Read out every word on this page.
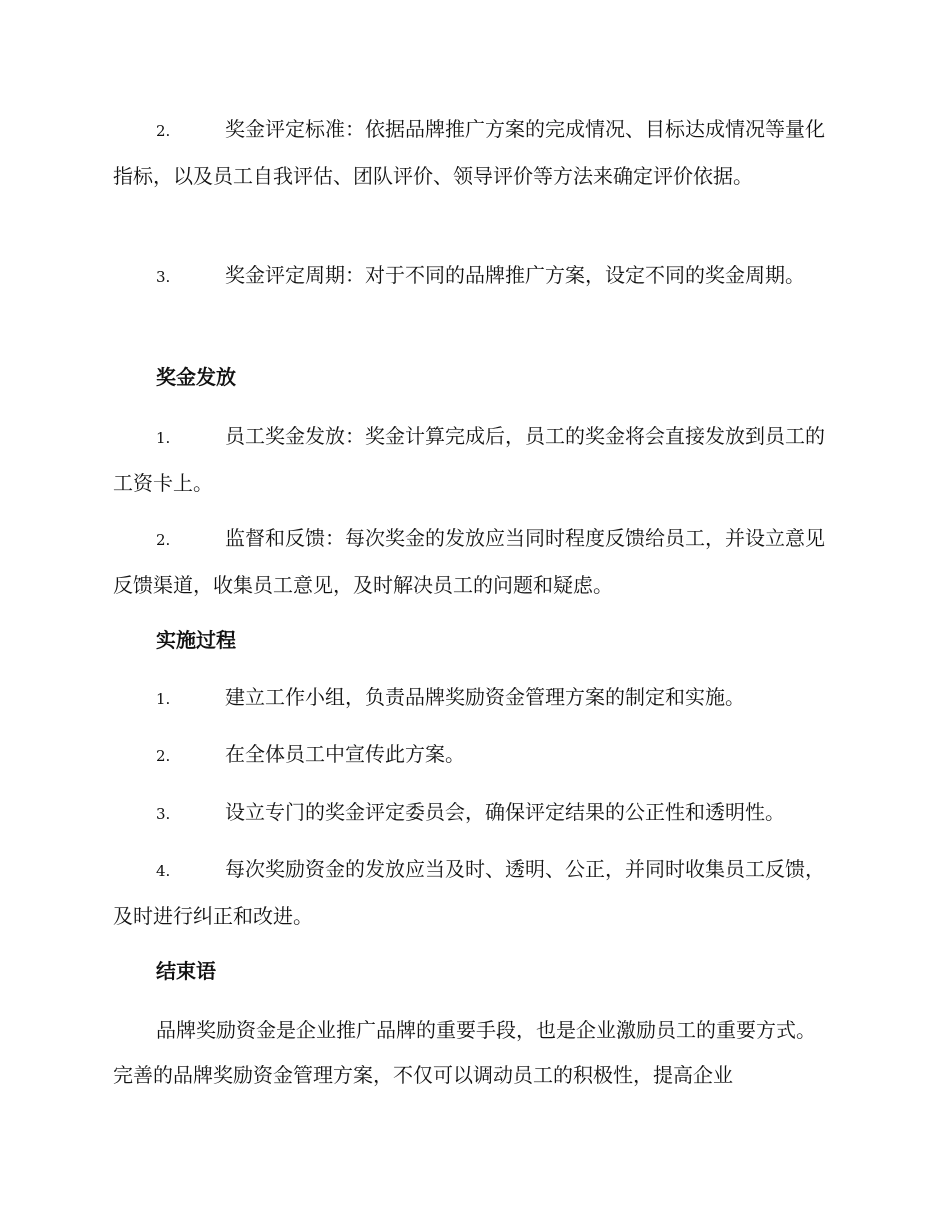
2.	奖金评定标准：依据品牌推广方案的完成情况、目标达成情况等量化指标，以及员工自我评估、团队评价、领导评价等方法来确定评价依据。
3.	奖金评定周期：对于不同的品牌推广方案，设定不同的奖金周期。
奖金发放
1.	员工奖金发放：奖金计算完成后，员工的奖金将会直接发放到员工的工资卡上。
2.	监督和反馈：每次奖金的发放应当同时程度反馈给员工，并设立意见反馈渠道，收集员工意见，及时解决员工的问题和疑虑。
实施过程
1.	建立工作小组，负责品牌奖励资金管理方案的制定和实施。
2.	在全体员工中宣传此方案。
3.	设立专门的奖金评定委员会，确保评定结果的公正性和透明性。
4.	每次奖励资金的发放应当及时、透明、公正，并同时收集员工反馈，及时进行纠正和改进。
结束语
品牌奖励资金是企业推广品牌的重要手段，也是企业激励员工的重要方式。完善的品牌奖励资金管理方案，不仅可以调动员工的积极性，提高企业
